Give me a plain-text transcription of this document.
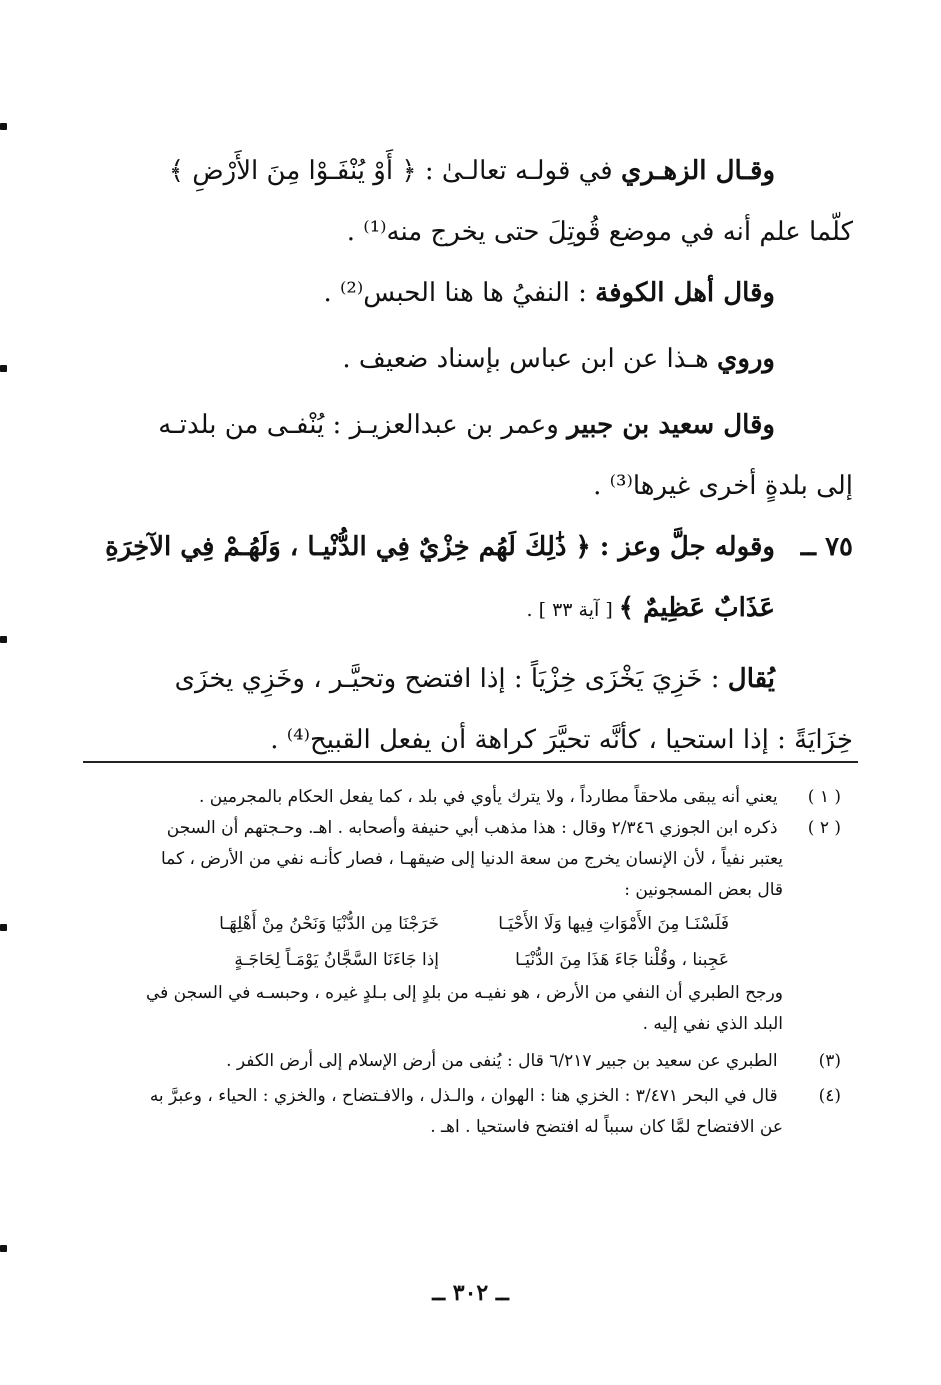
وقـال الزهـري في قولـه تعالـىٰ : ﴿ أَوْ يُنْفَـوْا مِنَ الأَرْضِ ﴾
كلّما علم أنه في موضع قُوتِلَ حتى يخرج منه⁽¹⁾ .
وقال أهل الكوفة : النفيُ ها هنا الحبس⁽²⁾ .
وروي هـذا عن ابن عباس بإسناد ضعيف .
وقال سعيد بن جبير وعمر بن عبدالعزيـز : يُنْفـى من بلدتـه
إلى بلدةٍ أخرى غيرها⁽³⁾ .
٧٥ ــوقوله جلَّ وعز : ﴿ ذَٰلِكَ لَهُم خِزْيٌ فِي الدُّنْيـا ، وَلَهُـمْ فِي الآخِرَةِ
عَذَابٌ عَظِيمٌ ﴾ [ آية ٣٣ ] .
يُقال : خَزِيَ يَخْزَى خِزْيَاً : إذا افتضح وتحيَّـر ، وخَزِي يخزَى
خِزَايَةً : إذا استحيا ، كأنَّه تحيَّرَ كراهة أن يفعل القبيح⁽⁴⁾ .
( ١ ) يعني أنه يبقى ملاحقاً مطارداً ، ولا يترك يأوي في بلد ، كما يفعل الحكام بالمجرمين .
( ٢ ) ذكره ابن الجوزي ٢/٣٤٦ وقال : هذا مذهب أبي حنيفة وأصحابه . اهـ. وحـجتهم أن السجن
يعتبر نفياً ، لأن الإنسان يخرج من سعة الدنيا إلى ضيقهـا ، فصار كأنـه نفي من الأرض ، كما
قال بعض المسجونين :
فَلَسْنَـا مِنَ الأَمْوَاتِ فِيها وَلَا الأَحْيَـا
خَرَجْنَا مِن الدُّنْيَا وَنَحْنُ مِنْ أَهْلِهَـا
عَجِبنا ، وقُلْنا جَاءَ هَذَا مِنَ الدُّنْيَـا
إذا جَاءَنَا السَّجَّانُ يَوْمَـاً لِحَاجَـةٍ
ورجح الطبري أن النفي من الأرض ، هو نفيـه من بلدٍ إلى بـلدٍ غيره ، وحبسـه في السجن في
البلد الذي نفي إليه .
(٣) الطبري عن سعيد بن جبير ٦/٢١٧ قال : يُنفى من أرض الإسلام إلى أرض الكفر .
(٤) قال في البحر ٣/٤٧١ : الخزي هنا : الهوان ، والـذل ، والافـتضاح ، والخزي : الحياء ، وعبرَّ به
عن الافتضاح لمَّا كان سبباً له افتضح فاستحيا . اهـ .
ــ ٣٠٢ ــ
